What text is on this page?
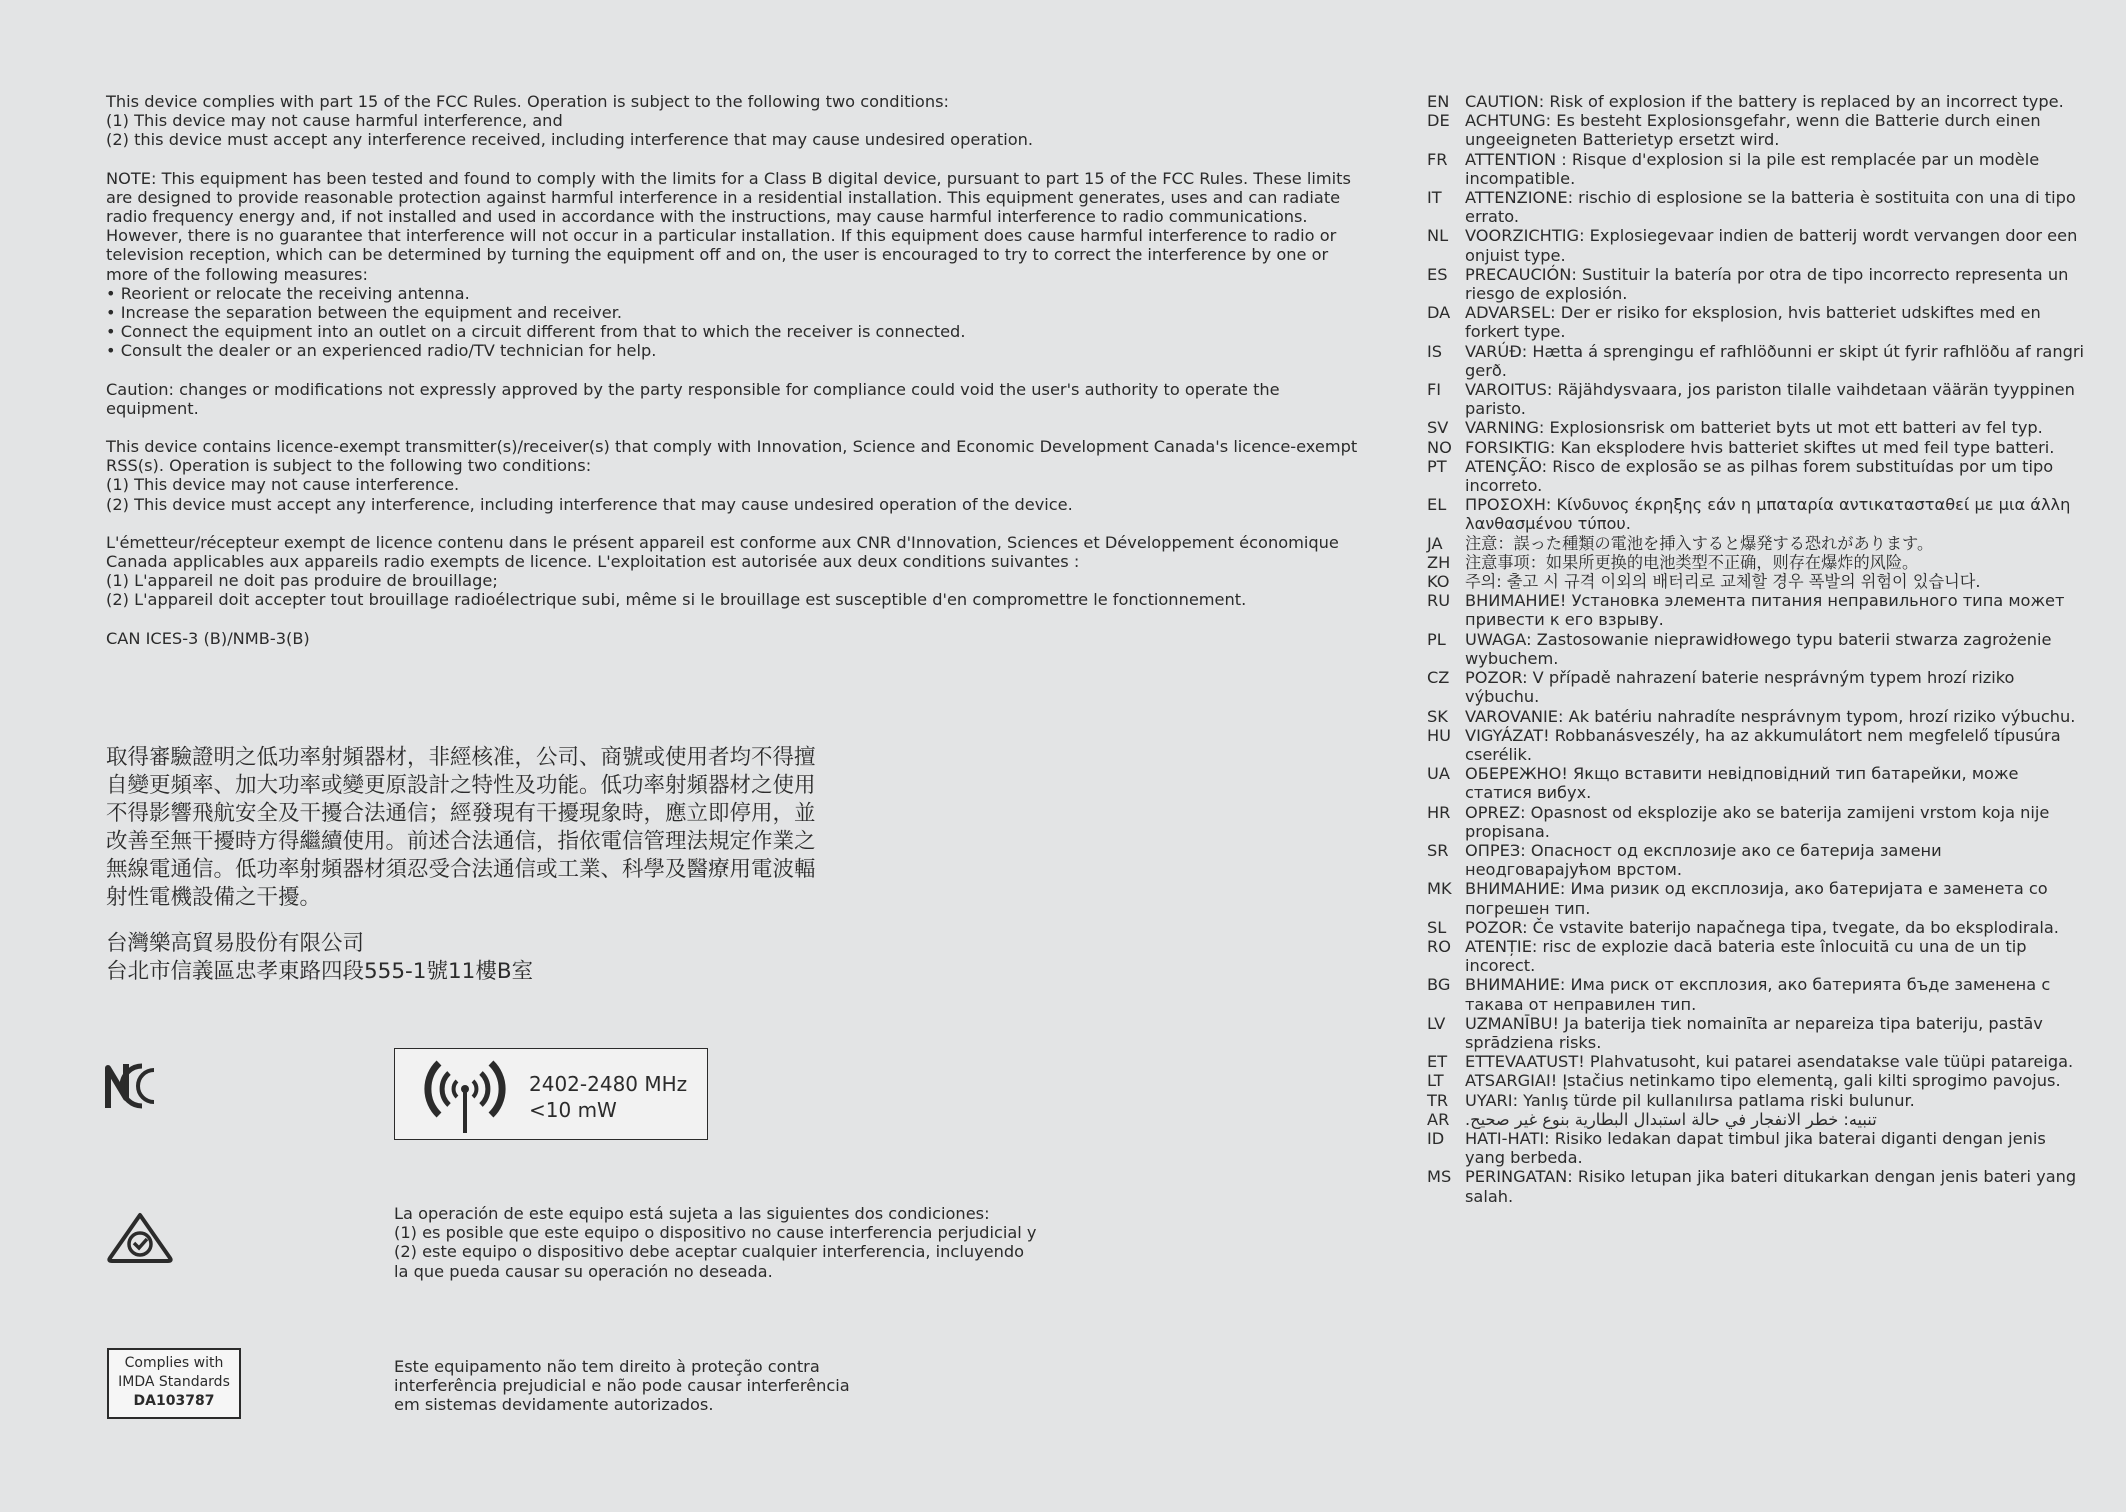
This device complies with part 15 of the FCC Rules. Operation is subject to the following two conditions:
(1) This device may not cause harmful interference, and
(2) this device must accept any interference received, including interference that may cause undesired operation.

NOTE: This equipment has been tested and found to comply with the limits for a Class B digital device, pursuant to part 15 of the FCC Rules. These limits
are designed to provide reasonable protection against harmful interference in a residential installation. This equipment generates, uses and can radiate
radio frequency energy and, if not installed and used in accordance with the instructions, may cause harmful interference to radio communications.
However, there is no guarantee that interference will not occur in a particular installation. If this equipment does cause harmful interference to radio or
television reception, which can be determined by turning the equipment off and on, the user is encouraged to try to correct the interference by one or
more of the following measures:
• Reorient or relocate the receiving antenna.
• Increase the separation between the equipment and receiver.
• Connect the equipment into an outlet on a circuit different from that to which the receiver is connected.
• Consult the dealer or an experienced radio/TV technician for help.

Caution: changes or modifications not expressly approved by the party responsible for compliance could void the user's authority to operate the
equipment.

This device contains licence-exempt transmitter(s)/receiver(s) that comply with Innovation, Science and Economic Development Canada's licence-exempt
RSS(s). Operation is subject to the following two conditions:
(1) This device may not cause interference.
(2) This device must accept any interference, including interference that may cause undesired operation of the device.

L'émetteur/récepteur exempt de licence contenu dans le présent appareil est conforme aux CNR d'Innovation, Sciences et Développement économique
Canada applicables aux appareils radio exempts de licence. L'exploitation est autorisée aux deux conditions suivantes :
(1) L'appareil ne doit pas produire de brouillage;
(2) L'appareil doit accepter tout brouillage radioélectrique subi, même si le brouillage est susceptible d'en compromettre le fonctionnement.

CAN ICES-3 (B)/NMB-3(B)

取得審驗證明之低功率射頻器材，非經核准，公司、商號或使用者均不得擅自變更頻率、加大功率或變更原設計之特性及功能。低功率射頻器材之使用不得影響飛航安全及干擾合法通信；經發現有干擾現象時，應立即停用，並改善至無干擾時方得繼續使用。前述合法通信，指依電信管理法規定作業之無線電通信。低功率射頻器材須忍受合法通信或工業、科學及醫療用電波輻射性電機設備之干擾。

台灣樂高貿易股份有限公司
台北市信義區忠孝東路四段555-1號11樓B室
2402-2480 MHz
<10 mW
La operación de este equipo está sujeta a las siguientes dos condiciones:
(1) es posible que este equipo o dispositivo no cause interferencia perjudicial y
(2) este equipo o dispositivo debe aceptar cualquier interferencia, incluyendo
la que pueda causar su operación no deseada.
Complies with
IMDA Standards
DA103787
Este equipamento não tem direito à proteção contra
interferência prejudicial e não pode causar interferência
em sistemas devidamente autorizados.
EN CAUTION: Risk of explosion if the battery is replaced by an incorrect type.
DE ACHTUNG: Es besteht Explosionsgefahr, wenn die Batterie durch einen ungeeigneten Batterietyp ersetzt wird.
FR	ATTENTION : Risque d'explosion si la pile est remplacée par un modèle incompatible.
IT	ATTENZIONE: rischio di esplosione se la batteria è sostituita con una di tipo errato.
NL	VOORZICHTIG: Explosiegevaar indien de batterij wordt vervangen door een onjuist type.
ES	PRECAUCIÓN: Sustituir la batería por otra de tipo incorrecto representa un riesgo de explosión.
DA ADVARSEL: Der er risiko for eksplosion, hvis batteriet udskiftes med en forkert type.
IS	VARÚÐ: Hætta á sprengingu ef rafhlöðunni er skipt út fyrir rafhlöðu af rangri gerð.
FI	VAROITUS: Räjähdysvaara, jos pariston tilalle vaihdetaan väärän tyyppinen paristo.
SV	VARNING: Explosionsrisk om batteriet byts ut mot ett batteri av fel typ.
NO FORSIKTIG: Kan eksplodere hvis batteriet skiftes ut med feil type batteri.
PT	ATENÇÃO: Risco de explosão se as pilhas forem substituídas por um tipo incorreto.
EL	ΠΡΟΣΟΧΗ: Κίνδυνος έκρηξης εάν η μπαταρία αντικατασταθεί με μια άλλη λανθασμένου τύπου.
JA	注意：誤った種類の電池を挿入すると爆発する恐れがあります。
ZH 注意事项：如果所更换的电池类型不正确，则存在爆炸的风险。
KO 주의: 출고 시 규격 이외의 배터리로 교체할 경우 폭발의 위험이 있습니다.
RU ВНИМАНИЕ! Установка элемента питания неправильного типа может привести к его взрыву.
PL	UWAGA: Zastosowanie nieprawidłowego typu baterii stwarza zagrożenie wybuchem.
CZ POZOR: V případě nahrazení baterie nesprávným typem hrozí riziko výbuchu.
SK	VAROVANIE: Ak batériu nahradíte nesprávnym typom, hrozí riziko výbuchu.
HU VIGYÁZAT! Robbanásveszély, ha az akkumulátort nem megfelelő típusúra cserélik.
UA ОБЕРЕЖНО! Якщо вставити невідповідний тип батарейки, може статися вибух.
HR OPREZ: Opasnost od eksplozije ako se baterija zamijeni vrstom koja nije propisana.
SR	ОПРЕЗ: Опасност од експлозије ако се батерија замени неодговарајућом врстом.
MK ВНИМАНИЕ: Има ризик од експлозија, ако батеријата е заменета со погрешен тип.
SL	POZOR: Če vstavite baterijo napačnega tipa, tvegate, da bo eksplodirala.
RO ATENȚIE: risc de explozie dacă bateria este înlocuită cu una de un tip incorect.
BG ВНИМАНИЕ: Има риск от експлозия, ако батерията бъде заменена с такава от неправилен тип.
LV	UZMANĪBU! Ja baterija tiek nomainīta ar nepareiza tipa bateriju, pastāv sprādziena risks.
ET	ETTEVAATUST! Plahvatusoht, kui patarei asendatakse vale tüüpi patareiga.
LT	ATSARGIAI! Įstačius netinkamo tipo elementą, gali kilti sprogimo pavojus.
TR	UYARI: Yanlış türde pil kullanılırsa patlama riski bulunur.
AR تنبيه: خطر الانفجار في حالة استبدال البطارية بنوع غير صحيح.
ID	HATI-HATI: Risiko ledakan dapat timbul jika baterai diganti dengan jenis yang berbeda.
MS PERINGATAN: Risiko letupan jika bateri ditukarkan dengan jenis bateri yang salah.
